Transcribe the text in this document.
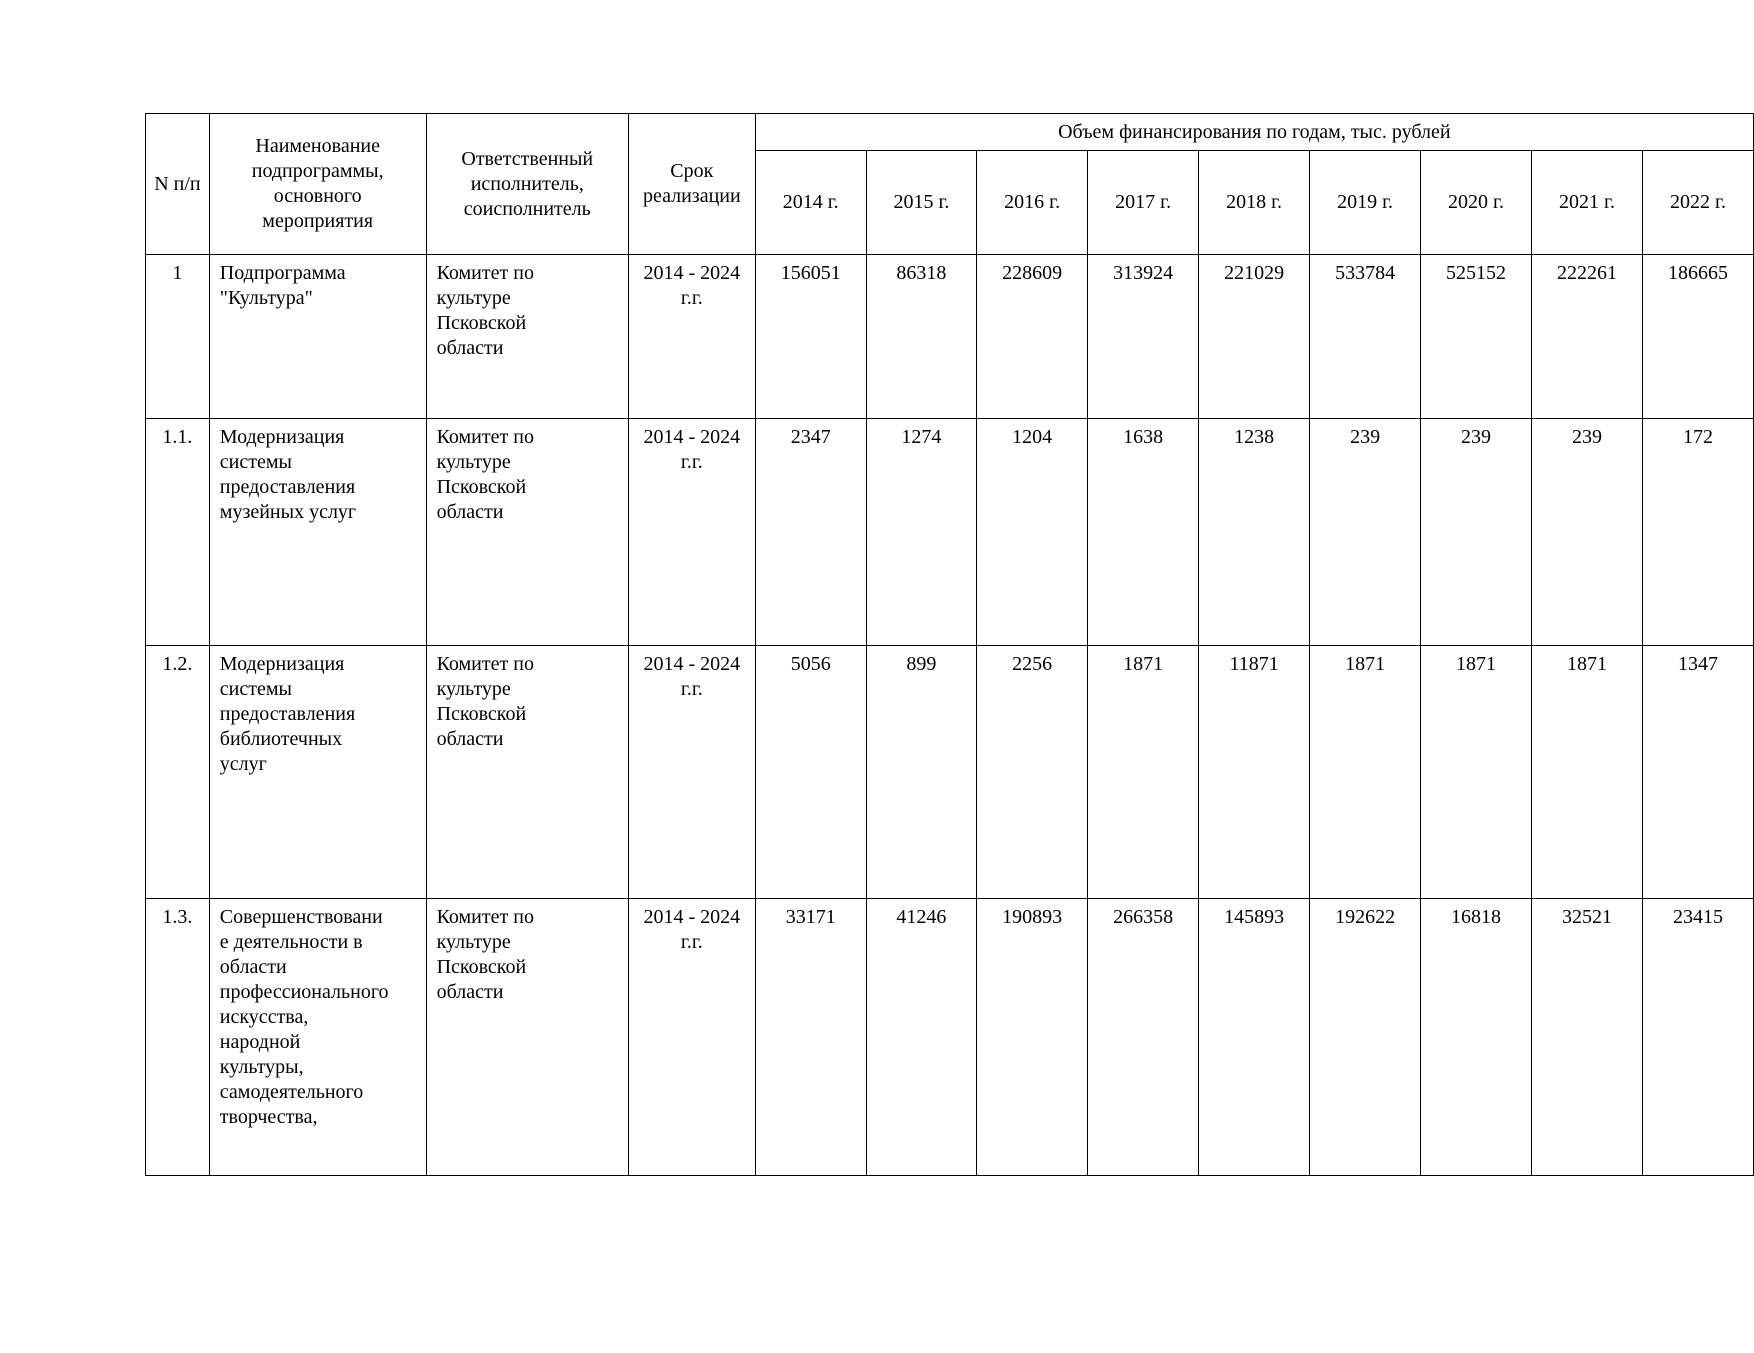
N п/п	Наименование подпрограммы, основного мероприятия	Ответственный исполнитель, соисполнитель	Срок реализации	Объем финансирования по годам, тыс. рублей								
				2014 г.	2015 г.	2016 г.	2017 г.	2018 г.	2019 г.	2020 г.	2021 г.	2022 г.
1	Подпрограмма "Культура"	Комитет по культуре Псковской области	2014 - 2024 г.г.	156051	86318	228609	313924	221029	533784	525152	222261	186665
1.1.	Модернизация системы предоставления музейных услуг	Комитет по культуре Псковской области	2014 - 2024 г.г.	2347	1274	1204	1638	1238	239	239	239	172
1.2.	Модернизация системы предоставления библиотечных услуг	Комитет по культуре Псковской области	2014 - 2024 г.г.	5056	899	2256	1871	11871	1871	1871	1871	1347
1.3.	Совершенствовани е деятельности в области профессионального искусства, народной культуры, самодеятельного творчества,	Комитет по культуре Псковской области	2014 - 2024 г.г.	33171	41246	190893	266358	145893	192622	16818	32521	23415
